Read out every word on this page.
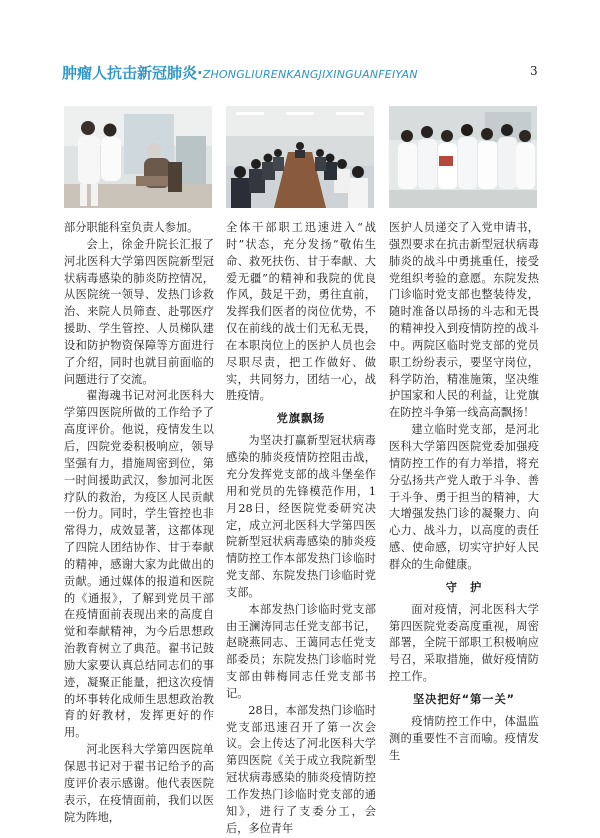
肿瘤人抗击新冠肺炎·ZHONGLIURENKANGJIXINGUANFEIYAN	3

部分职能科室负责人参加。

会上，徐金升院长汇报了河北医科大学第四医院新型冠状病毒感染的肺炎防控情况，从医院统一领导、发热门诊救治、来院人员筛查、赴鄂医疗援助、学生管控、人员梯队建设和防护物资保障等方面进行了介绍，同时也就目前面临的问题进行了交流。

翟海魂书记对河北医科大学第四医院所做的工作给予了高度评价。他说，疫情发生以后，四院党委积极响应，领导坚强有力，措施周密到位，第一时间援助武汉，参加河北医疗队的救治，为疫区人民贡献一份力。同时，学生管控也非常得力，成效显著，这都体现了四院人团结协作、甘于奉献的精神，感谢大家为此做出的贡献。通过媒体的报道和医院的《通报》，了解到党员干部在疫情面前表现出来的高度自觉和奉献精神，为今后思想政治教育树立了典范。翟书记鼓励大家要认真总结同志们的事迹，凝聚正能量，把这次疫情的坏事转化成师生思想政治教育的好教材，发挥更好的作用。

河北医科大学第四医院单保恩书记对于翟书记给予的高度评价表示感谢。他代表医院表示，在疫情面前，我们以医院为阵地，

全体干部职工迅速进入“战时”状态，充分发扬“敬佑生命、救死扶伤、甘于奉献、大爱无疆”的精神和我院的优良作风，鼓足干劲，勇往直前，发挥我们医者的岗位优势，不仅在前线的战士们无私无畏，在本职岗位上的医护人员也会尽职尽责，把工作做好、做实，共同努力，团结一心，战胜疫情。

党旗飘扬

为坚决打赢新型冠状病毒感染的肺炎疫情防控阻击战，充分发挥党支部的战斗堡垒作用和党员的先锋模范作用，1月28日，经医院党委研究决定，成立河北医科大学第四医院新型冠状病毒感染的肺炎疫情防控工作本部发热门诊临时党支部、东院发热门诊临时党支部。

本部发热门诊临时党支部由王澜涛同志任党支部书记，赵晓燕同志、王蔼同志任党支部委员；东院发热门诊临时党支部由韩梅同志任党支部书记。

28日，本部发热门诊临时党支部迅速召开了第一次会议。会上传达了河北医科大学第四医院《关于成立我院新型冠状病毒感染的肺炎疫情防控工作发热门诊临时党支部的通知》，进行了支委分工，会后，多位青年

医护人员递交了入党申请书，强烈要求在抗击新型冠状病毒肺炎的战斗中勇挑重任，接受党组织考验的意愿。东院发热门诊临时党支部也整装待发，随时准备以昂扬的斗志和无畏的精神投入到疫情防控的战斗中。两院区临时党支部的党员职工纷纷表示，要坚守岗位，科学防治，精准施策，坚决维护国家和人民的利益，让党旗在防控斗争第一线高高飘扬！

建立临时党支部，是河北医科大学第四医院党委加强疫情防控工作的有力举措，将充分弘扬共产党人敢于斗争、善于斗争、勇于担当的精神，大大增强发热门诊的凝聚力、向心力、战斗力，以高度的责任感、使命感，切实守护好人民群众的生命健康。

守　护

面对疫情，河北医科大学第四医院党委高度重视，周密部署，全院干部职工积极响应号召，采取措施，做好疫情防控工作。

坚决把好“第一关”

疫情防控工作中，体温监测的重要性不言而喻。疫情发生
